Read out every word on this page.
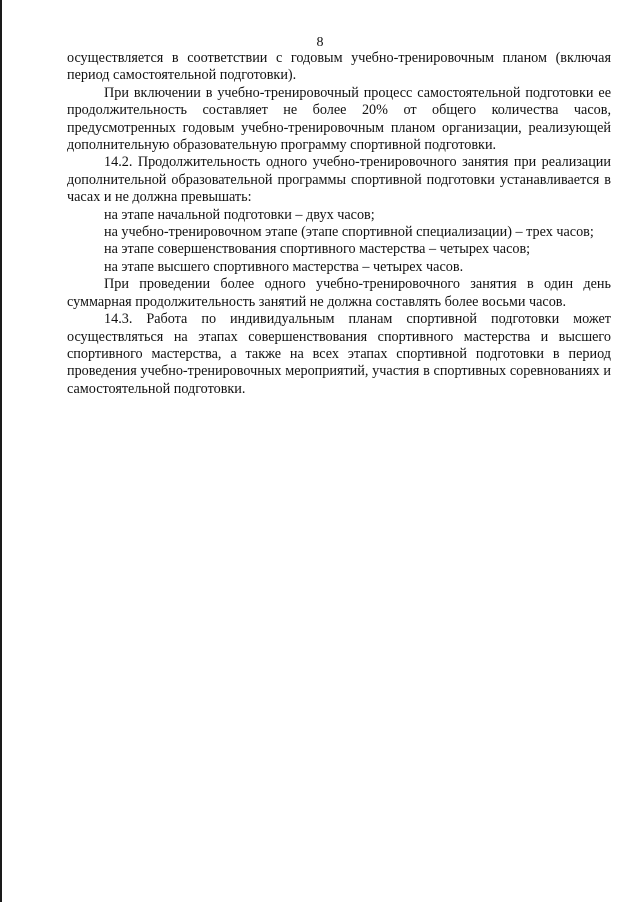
8

осуществляется в соответствии с годовым учебно-тренировочным планом (включая период самостоятельной подготовки).

При включении в учебно-тренировочный процесс самостоятельной подготовки ее продолжительность составляет не более 20% от общего количества часов, предусмотренных годовым учебно-тренировочным планом организации, реализующей дополнительную образовательную программу спортивной подготовки.

14.2. Продолжительность одного учебно-тренировочного занятия при реализации дополнительной образовательной программы спортивной подготовки устанавливается в часах и не должна превышать:

на этапе начальной подготовки – двух часов;

на учебно-тренировочном этапе (этапе спортивной специализации) – трех часов;

на этапе совершенствования спортивного мастерства – четырех часов;

на этапе высшего спортивного мастерства – четырех часов.

При проведении более одного учебно-тренировочного занятия в один день суммарная продолжительность занятий не должна составлять более восьми часов.

14.3. Работа по индивидуальным планам спортивной подготовки может осуществляться на этапах совершенствования спортивного мастерства и высшего спортивного мастерства, а также на всех этапах спортивной подготовки в период проведения учебно-тренировочных мероприятий, участия в спортивных соревнованиях и самостоятельной подготовки.
